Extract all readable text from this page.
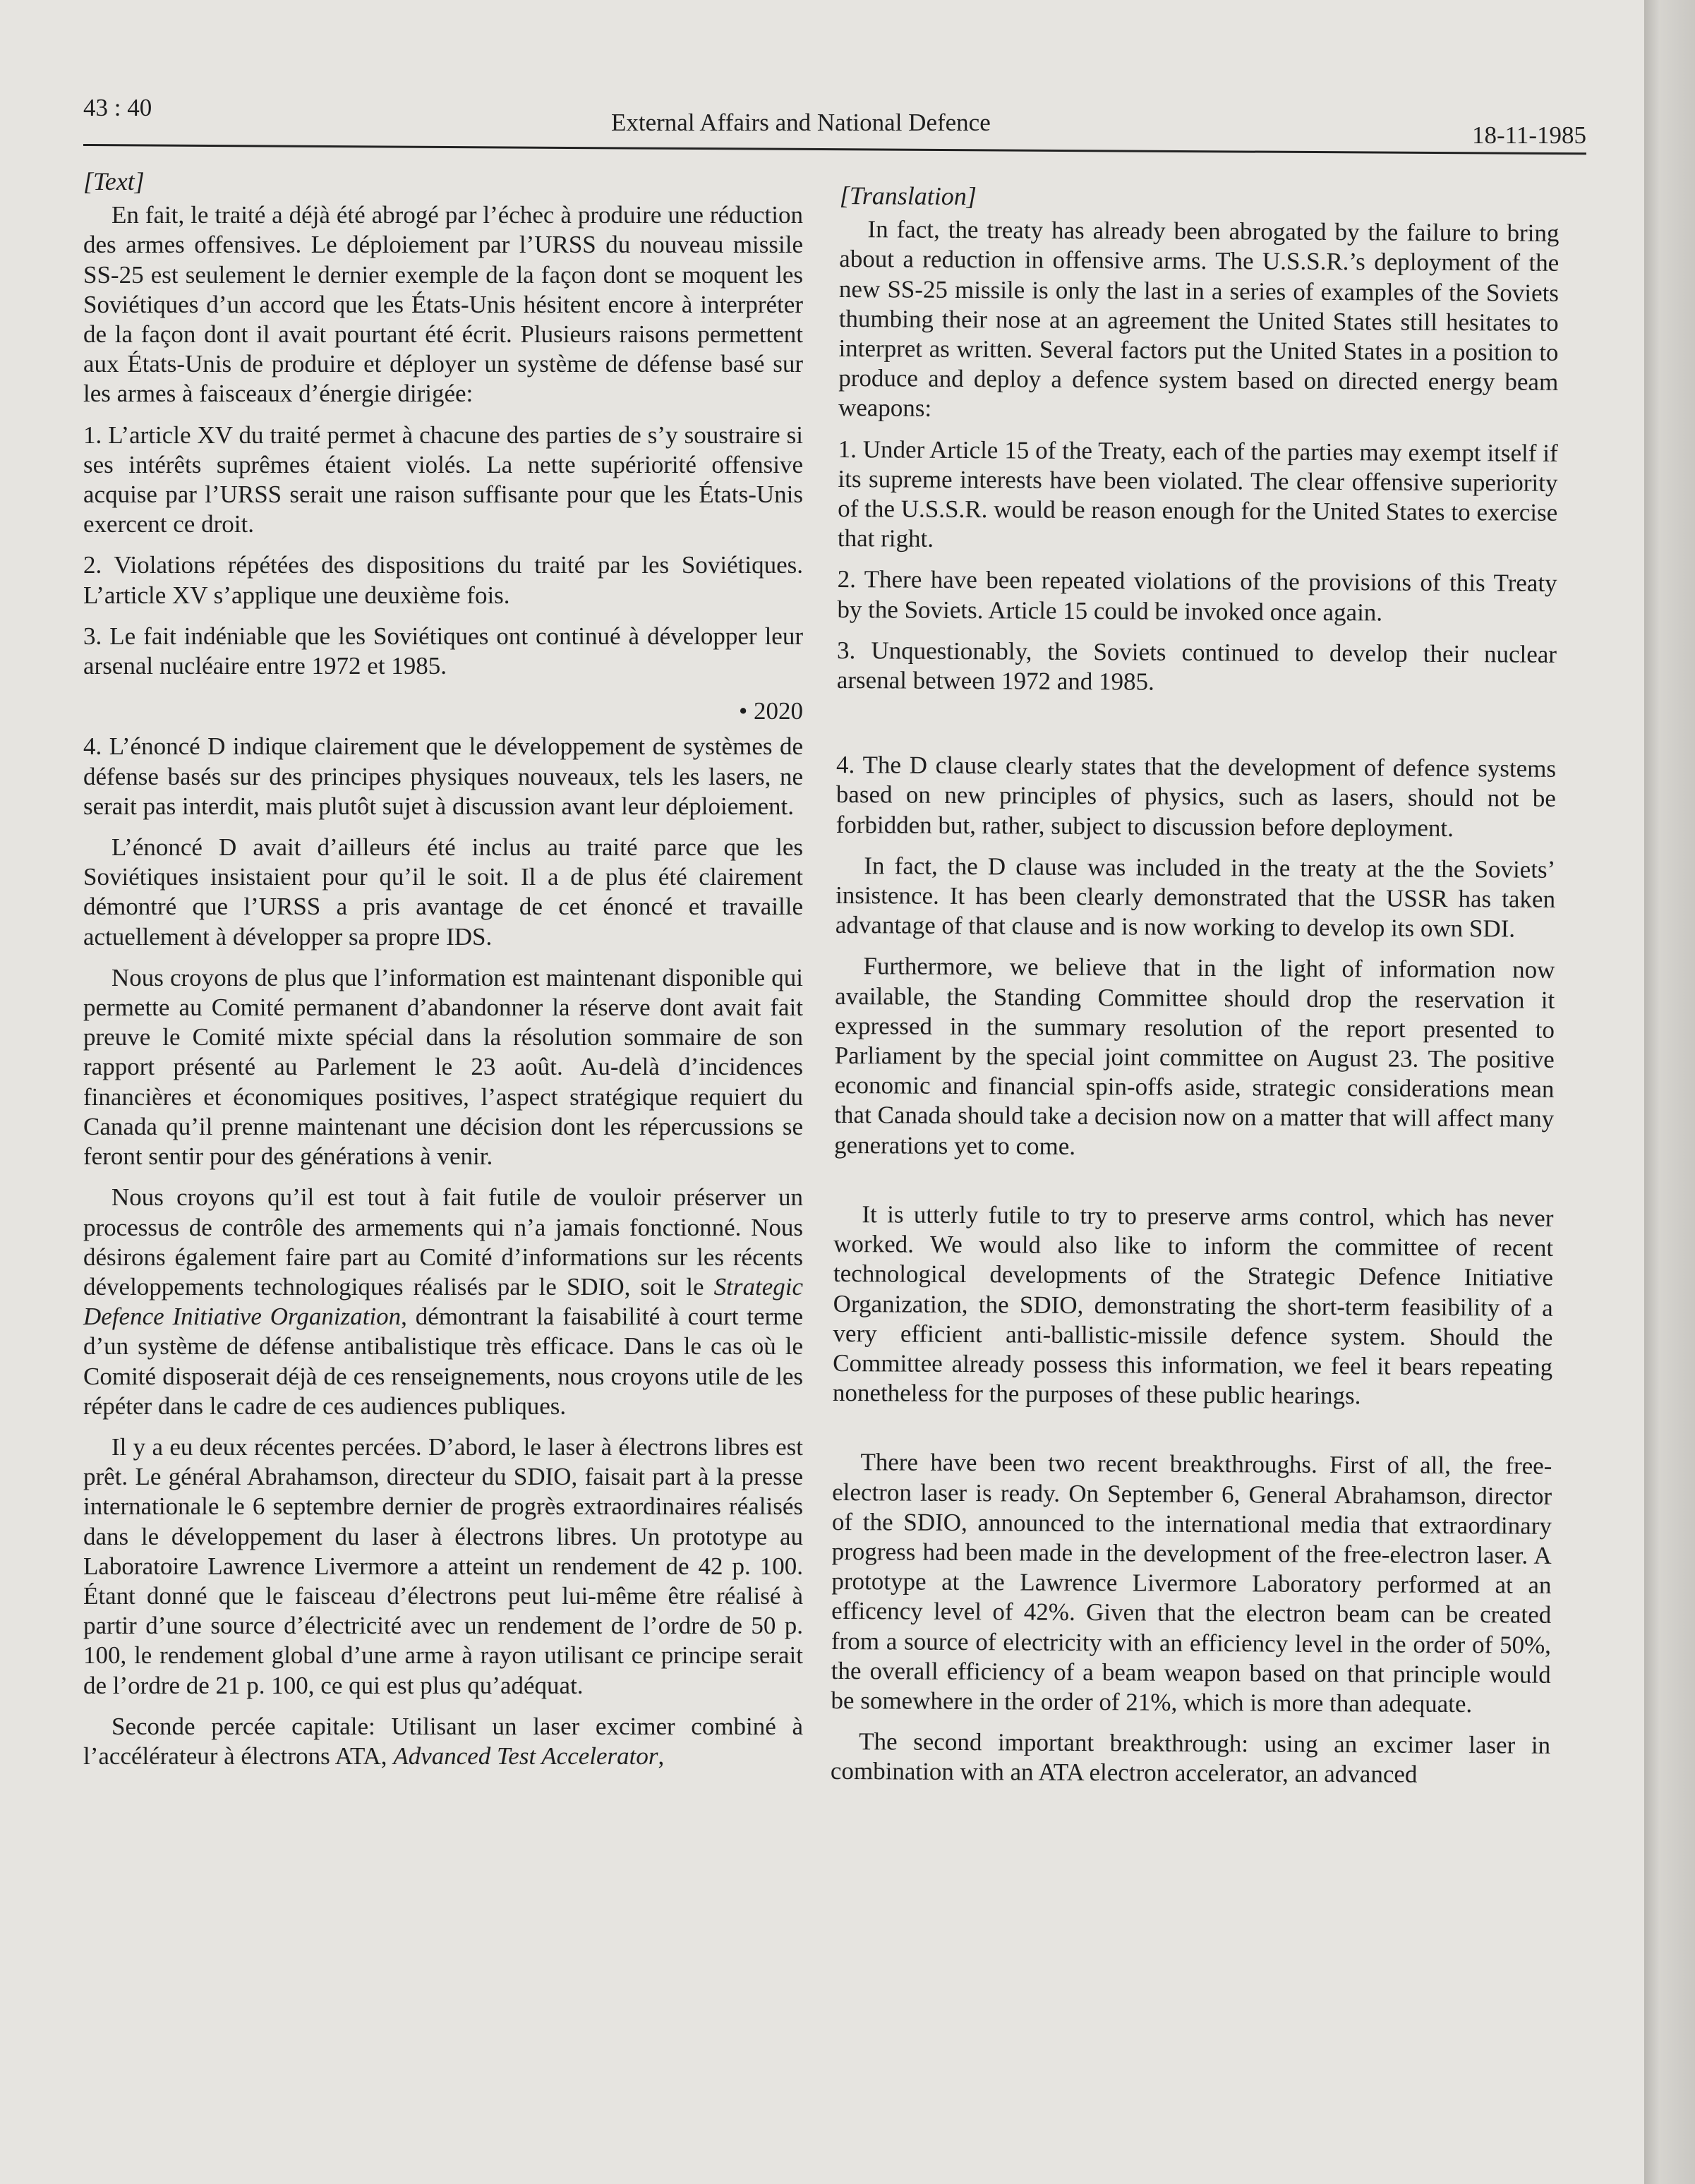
43 : 40
External Affairs and National Defence	18-11-1985
[Text]

En fait, le traité a déjà été abrogé par l’échec à produire une réduction des armes offensives. Le déploiement par l’URSS du nouveau missile SS-25 est seulement le dernier exemple de la façon dont se moquent les Soviétiques d’un accord que les États-Unis hésitent encore à interpréter de la façon dont il avait pourtant été écrit. Plusieurs raisons permettent aux États-Unis de produire et déployer un système de défense basé sur les armes à faisceaux d’énergie dirigée:

1. L’article XV du traité permet à chacune des parties de s’y soustraire si ses intérêts suprêmes étaient violés. La nette supériorité offensive acquise par l’URSS serait une raison suffisante pour que les États-Unis exercent ce droit.

2. Violations répétées des dispositions du traité par les Soviétiques. L’article XV s’applique une deuxième fois.

3. Le fait indéniable que les Soviétiques ont continué à développer leur arsenal nucléaire entre 1972 et 1985.

• 2020

4. L’énoncé D indique clairement que le développement de systèmes de défense basés sur des principes physiques nouveaux, tels les lasers, ne serait pas interdit, mais plutôt sujet à discussion avant leur déploiement.

L’énoncé D avait d’ailleurs été inclus au traité parce que les Soviétiques insistaient pour qu’il le soit. Il a de plus été clairement démontré que l’URSS a pris avantage de cet énoncé et travaille actuellement à développer sa propre IDS.

Nous croyons de plus que l’information est maintenant disponible qui permette au Comité permanent d’abandonner la réserve dont avait fait preuve le Comité mixte spécial dans la résolution sommaire de son rapport présenté au Parlement le 23 août. Au-delà d’incidences financières et économiques positives, l’aspect stratégique requiert du Canada qu’il prenne maintenant une décision dont les répercussions se feront sentir pour des générations à venir.

Nous croyons qu’il est tout à fait futile de vouloir préserver un processus de contrôle des armements qui n’a jamais fonctionné. Nous désirons également faire part au Comité d’informations sur les récents développements technologiques réalisés par le SDIO, soit le Strategic Defence Initiative Organization, démontrant la faisabilité à court terme d’un système de défense antibalistique très efficace. Dans le cas où le Comité disposerait déjà de ces renseignements, nous croyons utile de les répéter dans le cadre de ces audiences publiques.

Il y a eu deux récentes percées. D’abord, le laser à électrons libres est prêt. Le général Abrahamson, directeur du SDIO, faisait part à la presse internationale le 6 septembre dernier de progrès extraordinaires réalisés dans le développement du laser à électrons libres. Un prototype au Laboratoire Lawrence Livermore a atteint un rendement de 42 p. 100. Étant donné que le faisceau d’électrons peut lui-même être réalisé à partir d’une source d’électricité avec un rendement de l’ordre de 50 p. 100, le rendement global d’une arme à rayon utilisant ce principe serait de l’ordre de 21 p. 100, ce qui est plus qu’adéquat.

Seconde percée capitale: Utilisant un laser excimer combiné à l’accélérateur à électrons ATA, Advanced Test Accelerator,

[Translation]

In fact, the treaty has already been abrogated by the failure to bring about a reduction in offensive arms. The U.S.S.R.’s deployment of the new SS-25 missile is only the last in a series of examples of the Soviets thumbing their nose at an agreement the United States still hesitates to interpret as written. Several factors put the United States in a position to produce and deploy a defence system based on directed energy beam weapons:

1. Under Article 15 of the Treaty, each of the parties may exempt itself if its supreme interests have been violated. The clear offensive superiority of the U.S.S.R. would be reason enough for the United States to exercise that right.

2. There have been repeated violations of the provisions of this Treaty by the Soviets. Article 15 could be invoked once again.

3. Unquestionably, the Soviets continued to develop their nuclear arsenal between 1972 and 1985.

4. The D clause clearly states that the development of defence systems based on new principles of physics, such as lasers, should not be forbidden but, rather, subject to discussion before deployment.

In fact, the D clause was included in the treaty at the the Soviets’ insistence. It has been clearly demonstrated that the USSR has taken advantage of that clause and is now working to develop its own SDI.

Furthermore, we believe that in the light of information now available, the Standing Committee should drop the reservation it expressed in the summary resolution of the report presented to Parliament by the special joint committee on August 23. The positive economic and financial spin-offs aside, strategic considerations mean that Canada should take a decision now on a matter that will affect many generations yet to come.

It is utterly futile to try to preserve arms control, which has never worked. We would also like to inform the committee of recent technological developments of the Strategic Defence Initiative Organization, the SDIO, demonstrating the short-term feasibility of a very efficient anti-ballistic-missile defence system. Should the Committee already possess this information, we feel it bears repeating nonetheless for the purposes of these public hearings.

There have been two recent breakthroughs. First of all, the free-electron laser is ready. On September 6, General Abrahamson, director of the SDIO, announced to the international media that extraordinary progress had been made in the development of the free-electron laser. A prototype at the Lawrence Livermore Laboratory performed at an efficency level of 42%. Given that the electron beam can be created from a source of electricity with an efficiency level in the order of 50%, the overall efficiency of a beam weapon based on that principle would be somewhere in the order of 21%, which is more than adequate.

The second important breakthrough: using an excimer laser in combination with an ATA electron accelerator, an advanced
